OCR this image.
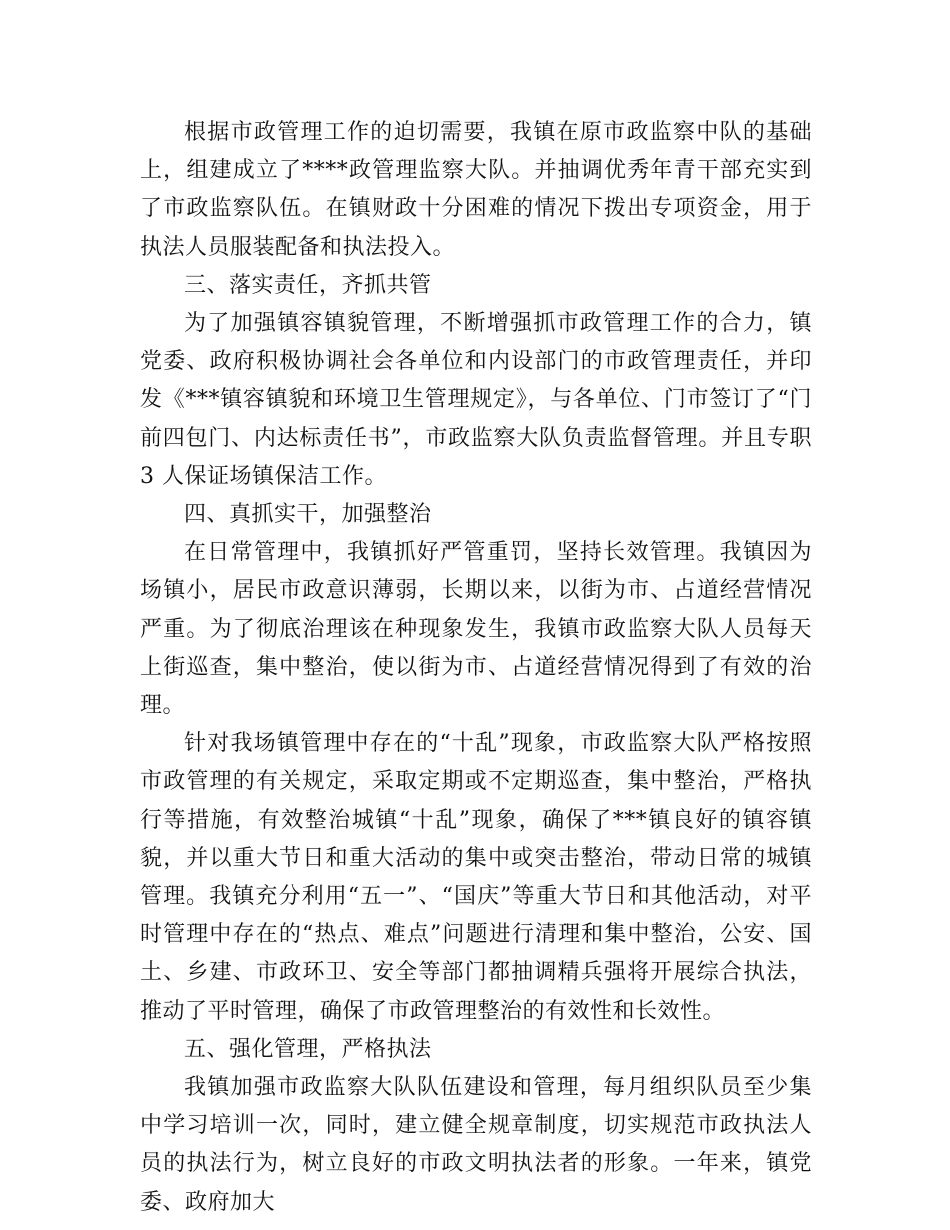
根据市政管理工作的迫切需要，我镇在原市政监察中队的基础上，组建成立了****政管理监察大队。并抽调优秀年青干部充实到了市政监察队伍。在镇财政十分困难的情况下拨出专项资金，用于执法人员服装配备和执法投入。

三、落实责任，齐抓共管

为了加强镇容镇貌管理，不断增强抓市政管理工作的合力，镇党委、政府积极协调社会各单位和内设部门的市政管理责任，并印发《***镇容镇貌和环境卫生管理规定》，与各单位、门市签订了“门前四包门、内达标责任书”，市政监察大队负责监督管理。并且专职 3 人保证场镇保洁工作。

四、真抓实干，加强整治

在日常管理中，我镇抓好严管重罚，坚持长效管理。我镇因为场镇小，居民市政意识薄弱，长期以来，以街为市、占道经营情况严重。为了彻底治理该在种现象发生，我镇市政监察大队人员每天上街巡查，集中整治，使以街为市、占道经营情况得到了有效的治理。

针对我场镇管理中存在的“十乱”现象，市政监察大队严格按照市政管理的有关规定，采取定期或不定期巡查，集中整治，严格执行等措施，有效整治城镇“十乱”现象，确保了***镇良好的镇容镇貌，并以重大节日和重大活动的集中或突击整治，带动日常的城镇管理。我镇充分利用“五一”、“国庆”等重大节日和其他活动，对平时管理中存在的“热点、难点”问题进行清理和集中整治，公安、国土、乡建、市政环卫、安全等部门都抽调精兵强将开展综合执法，推动了平时管理，确保了市政管理整治的有效性和长效性。

五、强化管理，严格执法

我镇加强市政监察大队队伍建设和管理，每月组织队员至少集中学习培训一次，同时，建立健全规章制度，切实规范市政执法人员的执法行为，树立良好的市政文明执法者的形象。一年来，镇党委、政府加大
